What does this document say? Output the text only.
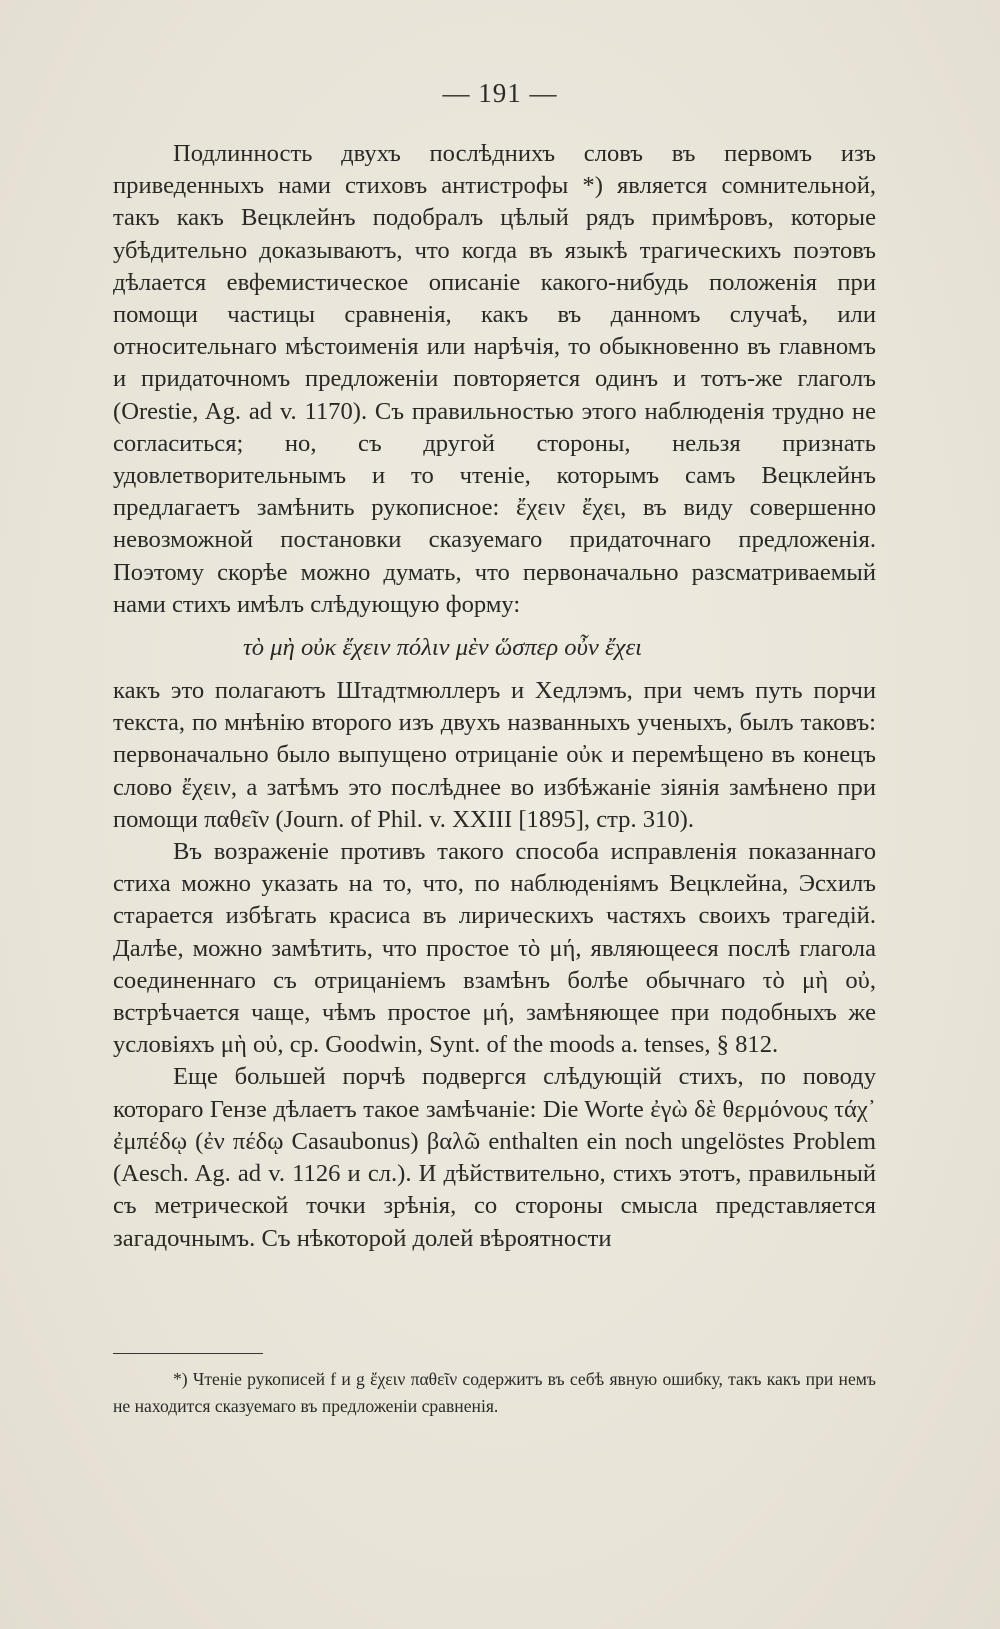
— 191 —

Подлинность двухъ послѣднихъ словъ въ первомъ изъ приведенныхъ нами стиховъ антистрофы *) является сомнительной, такъ какъ Вецклейнъ подобралъ цѣлый рядъ примѣровъ, которые убѣдительно доказываютъ, что когда въ языкѣ трагическихъ поэтовъ дѣлается евфемистическое описаніе какого-нибудь положенія при помощи частицы сравненія, какъ въ данномъ случаѣ, или относительнаго мѣстоименія или нарѣчія, то обыкновенно въ главномъ и придаточномъ предложеніи повторяется одинъ и тотъ-же глаголъ (Orestie, Ag. ad v. 1170). Съ правильностью этого наблюденія трудно не согласиться; но, съ другой стороны, нельзя признать удовлетворительнымъ и то чтеніе, которымъ самъ Вецклейнъ предлагаетъ замѣнить рукописное: ἔχειν ἔχει, въ виду совершенно невозможной постановки сказуемаго придаточнаго предложенія. Поэтому скорѣе можно думать, что первоначально разсматриваемый нами стихъ имѣлъ слѣдующую форму:

τὸ μὴ οὐκ ἔχειν πόλιν μὲν ὥσπερ οὖν ἔχει

какъ это полагаютъ Штадтмюллеръ и Хедлэмъ, при чемъ путь порчи текста, по мнѣнію второго изъ двухъ названныхъ ученыхъ, былъ таковъ: первоначально было выпущено отрицаніе οὐκ и перемѣщено въ конецъ слово ἔχειν, а затѣмъ это послѣднее во избѣжаніе зіянія замѣнено при помощи παθεῖν (Journ. of Phil. v. XXIII [1895], стр. 310).

Въ возраженіе противъ такого способа исправленія показаннаго стиха можно указать на то, что, по наблюденіямъ Вецклейна, Эсхилъ старается избѣгать красиса въ лирическихъ частяхъ своихъ трагедій. Далѣе, можно замѣтить, что простое τὸ μή, являющееся послѣ глагола соединеннаго съ отрицаніемъ взамѣнъ болѣе обычнаго τὸ μὴ οὐ, встрѣчается чаще, чѣмъ простое μή, замѣняющее при подобныхъ же условіяхъ μὴ οὐ, ср. Goodwin, Synt. of the moods a. tenses, § 812.

Еще большей порчѣ подвергся слѣдующій стихъ, по поводу котораго Гензе дѣлаетъ такое замѣчаніе: Die Worte ἐγὼ δὲ θερμόνους τάχ᾽ ἐμπέδῳ (ἐν πέδῳ Casaubonus) βαλῶ enthalten ein noch ungelöstes Problem (Aesch. Ag. ad v. 1126 и сл.). И дѣйствительно, стихъ этотъ, правильный съ метрической точки зрѣнія, со стороны смысла представляется загадочнымъ. Съ нѣкоторой долей вѣроятности

*) Чтеніе рукописей f и g ἔχειν παθεῖν содержитъ въ себѣ явную ошибку, такъ какъ при немъ не находится сказуемаго въ предложеніи сравненія.
